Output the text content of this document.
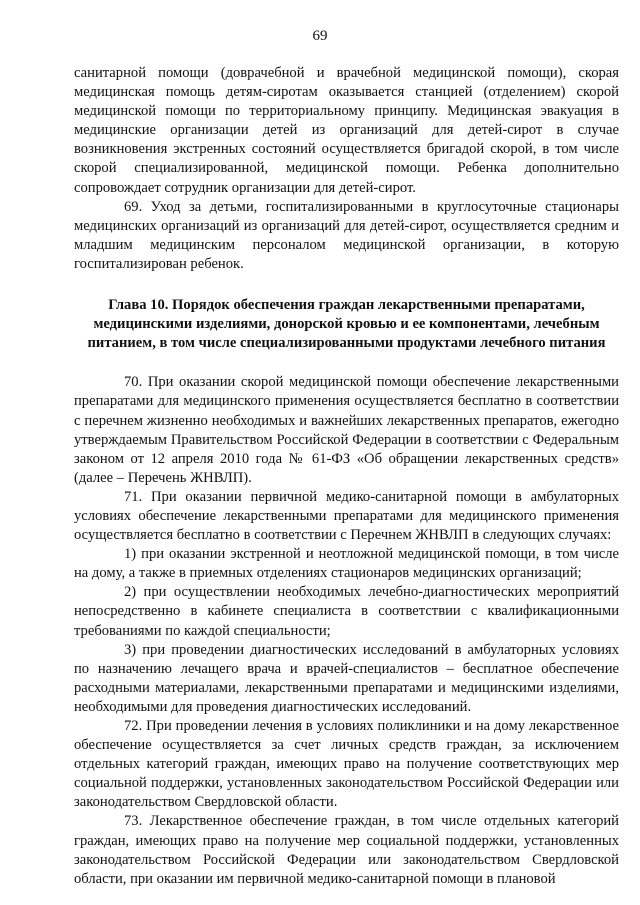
69

санитарной помощи (доврачебной и врачебной медицинской помощи), скорая медицинская помощь детям-сиротам оказывается станцией (отделением) скорой медицинской помощи по территориальному принципу. Медицинская эвакуация в медицинские организации детей из организаций для детей-сирот в случае возникновения экстренных состояний осуществляется бригадой скорой, в том числе скорой специализированной, медицинской помощи. Ребенка дополнительно сопровождает сотрудник организации для детей-сирот.

69. Уход за детьми, госпитализированными в круглосуточные стационары медицинских организаций из организаций для детей-сирот, осуществляется средним и младшим медицинским персоналом медицинской организации, в которую госпитализирован ребенок.

Глава 10. Порядок обеспечения граждан лекарственными препаратами, медицинскими изделиями, донорской кровью и ее компонентами, лечебным питанием, в том числе специализированными продуктами лечебного питания

70. При оказании скорой медицинской помощи обеспечение лекарственными препаратами для медицинского применения осуществляется бесплатно в соответствии с перечнем жизненно необходимых и важнейших лекарственных препаратов, ежегодно утверждаемым Правительством Российской Федерации в соответствии с Федеральным законом от 12 апреля 2010 года № 61-ФЗ «Об обращении лекарственных средств» (далее – Перечень ЖНВЛП).

71. При оказании первичной медико-санитарной помощи в амбулаторных условиях обеспечение лекарственными препаратами для медицинского применения осуществляется бесплатно в соответствии с Перечнем ЖНВЛП в следующих случаях:

1) при оказании экстренной и неотложной медицинской помощи, в том числе на дому, а также в приемных отделениях стационаров медицинских организаций;

2) при осуществлении необходимых лечебно-диагностических мероприятий непосредственно в кабинете специалиста в соответствии с квалификационными требованиями по каждой специальности;

3) при проведении диагностических исследований в амбулаторных условиях по назначению лечащего врача и врачей-специалистов – бесплатное обеспечение расходными материалами, лекарственными препаратами и медицинскими изделиями, необходимыми для проведения диагностических исследований.

72. При проведении лечения в условиях поликлиники и на дому лекарственное обеспечение осуществляется за счет личных средств граждан, за исключением отдельных категорий граждан, имеющих право на получение соответствующих мер социальной поддержки, установленных законодательством Российской Федерации или законодательством Свердловской области.

73. Лекарственное обеспечение граждан, в том числе отдельных категорий граждан, имеющих право на получение мер социальной поддержки, установленных законодательством Российской Федерации или законодательством Свердловской области, при оказании им первичной медико-санитарной помощи в плановой
